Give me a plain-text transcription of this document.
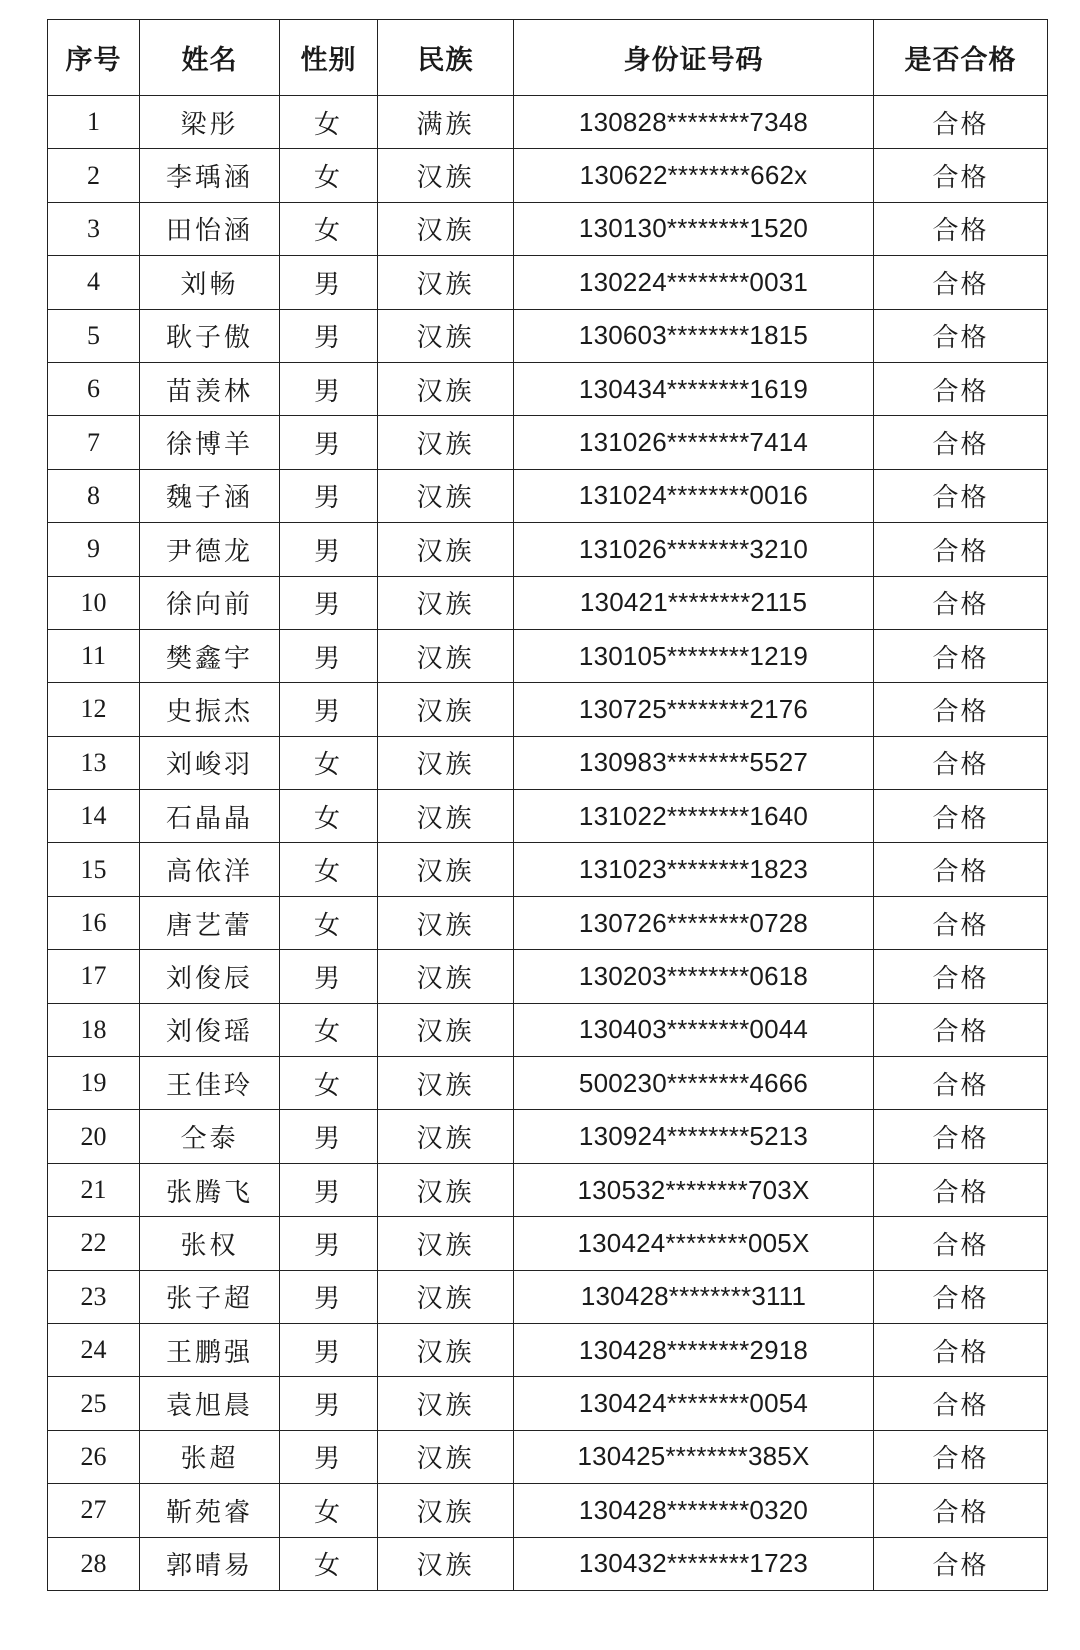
序号	姓名	性别	民族	身份证号码	是否合格
1	梁彤	女	满族	130828********7348	合格
2	李瑀涵	女	汉族	130622********662x	合格
3	田怡涵	女	汉族	130130********1520	合格
4	刘畅	男	汉族	130224********0031	合格
5	耿子傲	男	汉族	130603********1815	合格
6	苗羡林	男	汉族	130434********1619	合格
7	徐博羊	男	汉族	131026********7414	合格
8	魏子涵	男	汉族	131024********0016	合格
9	尹德龙	男	汉族	131026********3210	合格
10	徐向前	男	汉族	130421********2115	合格
11	樊鑫宇	男	汉族	130105********1219	合格
12	史振杰	男	汉族	130725********2176	合格
13	刘峻羽	女	汉族	130983********5527	合格
14	石晶晶	女	汉族	131022********1640	合格
15	高依洋	女	汉族	131023********1823	合格
16	唐艺蕾	女	汉族	130726********0728	合格
17	刘俊辰	男	汉族	130203********0618	合格
18	刘俊瑶	女	汉族	130403********0044	合格
19	王佳玲	女	汉族	500230********4666	合格
20	仝泰	男	汉族	130924********5213	合格
21	张腾飞	男	汉族	130532********703X	合格
22	张权	男	汉族	130424********005X	合格
23	张子超	男	汉族	130428********3111	合格
24	王鹏强	男	汉族	130428********2918	合格
25	袁旭晨	男	汉族	130424********0054	合格
26	张超	男	汉族	130425********385X	合格
27	靳苑睿	女	汉族	130428********0320	合格
28	郭晴易	女	汉族	130432********1723	合格
